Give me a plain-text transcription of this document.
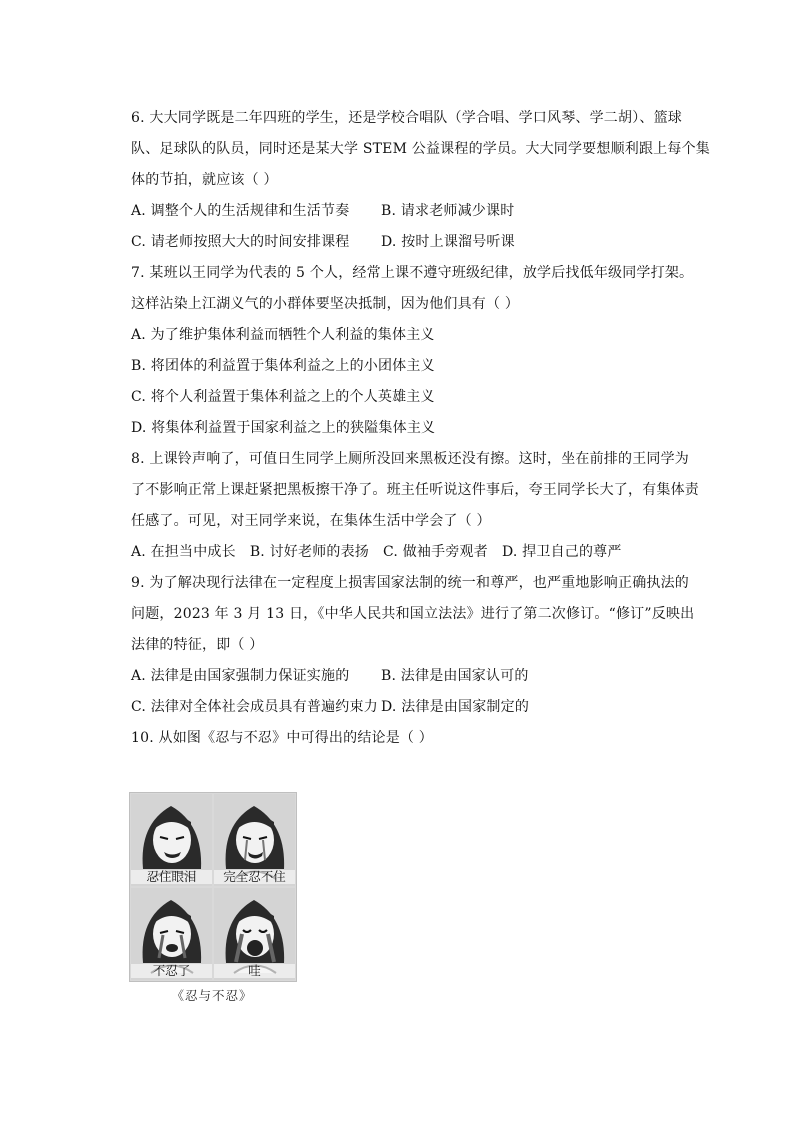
6. 大大同学既是二年四班的学生，还是学校合唱队（学合唱、学口风琴、学二胡）、篮球
队、足球队的队员，同时还是某大学 STEM 公益课程的学员。大大同学要想顺利跟上每个集
体的节拍，就应该（ ）
A. 调整个人的生活规律和生活节奏	B. 请求老师减少课时
C. 请老师按照大大的时间安排课程	D. 按时上课溜号听课
7. 某班以王同学为代表的 5 个人，经常上课不遵守班级纪律，放学后找低年级同学打架。
这样沾染上江湖义气的小群体要坚决抵制，因为他们具有（ ）
A. 为了维护集体利益而牺牲个人利益的集体主义
B. 将团体的利益置于集体利益之上的小团体主义
C. 将个人利益置于集体利益之上的个人英雄主义
D. 将集体利益置于国家利益之上的狭隘集体主义
8. 上课铃声响了，可值日生同学上厕所没回来黑板还没有擦。这时，坐在前排的王同学为
了不影响正常上课赶紧把黑板擦干净了。班主任听说这件事后，夸王同学长大了，有集体责
任感了。可见，对王同学来说，在集体生活中学会了（ ）
A. 在担当中成长 B. 讨好老师的表扬 C. 做袖手旁观者 D. 捍卫自己的尊严
9. 为了解决现行法律在一定程度上损害国家法制的统一和尊严，也严重地影响正确执法的
问题，2023 年 3 月 13 日，《中华人民共和国立法法》进行了第二次修订。“修订”反映出
法律的特征，即（ ）
A. 法律是由国家强制力保证实施的	B. 法律是由国家认可的
C. 法律对全体社会成员具有普遍约束力 D. 法律是由国家制定的
10. 从如图《忍与不忍》中可得出的结论是（ ）
忍住眼泪	完全忍不住
不忍了	哇
《忍与不忍》
